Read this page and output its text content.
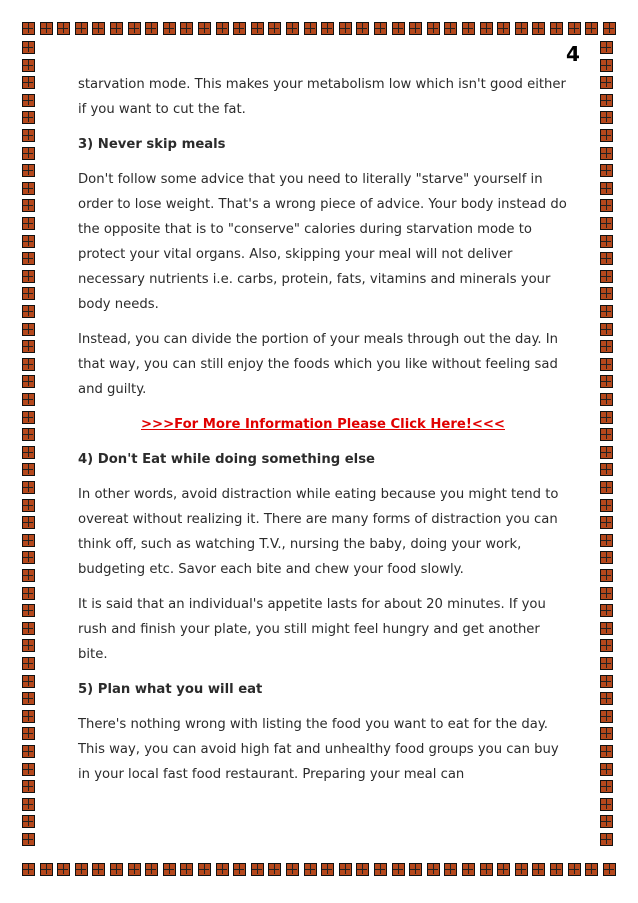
4

starvation mode. This makes your metabolism low which isn't good either if you want to cut the fat.

3) Never skip meals

Don't follow some advice that you need to literally "starve" yourself in order to lose weight. That's a wrong piece of advice. Your body instead do the opposite that is to "conserve" calories during starvation mode to protect your vital organs. Also, skipping your meal will not deliver necessary nutrients i.e. carbs, protein, fats, vitamins and minerals your body needs.

Instead, you can divide the portion of your meals through out the day. In that way, you can still enjoy the foods which you like without feeling sad and guilty.

>>>For More Information Please Click Here!<<<

4) Don't Eat while doing something else

In other words, avoid distraction while eating because you might tend to overeat without realizing it. There are many forms of distraction you can think off, such as watching T.V., nursing the baby, doing your work, budgeting etc. Savor each bite and chew your food slowly.

It is said that an individual's appetite lasts for about 20 minutes. If you rush and finish your plate, you still might feel hungry and get another bite.

5) Plan what you will eat

There's nothing wrong with listing the food you want to eat for the day. This way, you can avoid high fat and unhealthy food groups you can buy in your local fast food restaurant. Preparing your meal can
